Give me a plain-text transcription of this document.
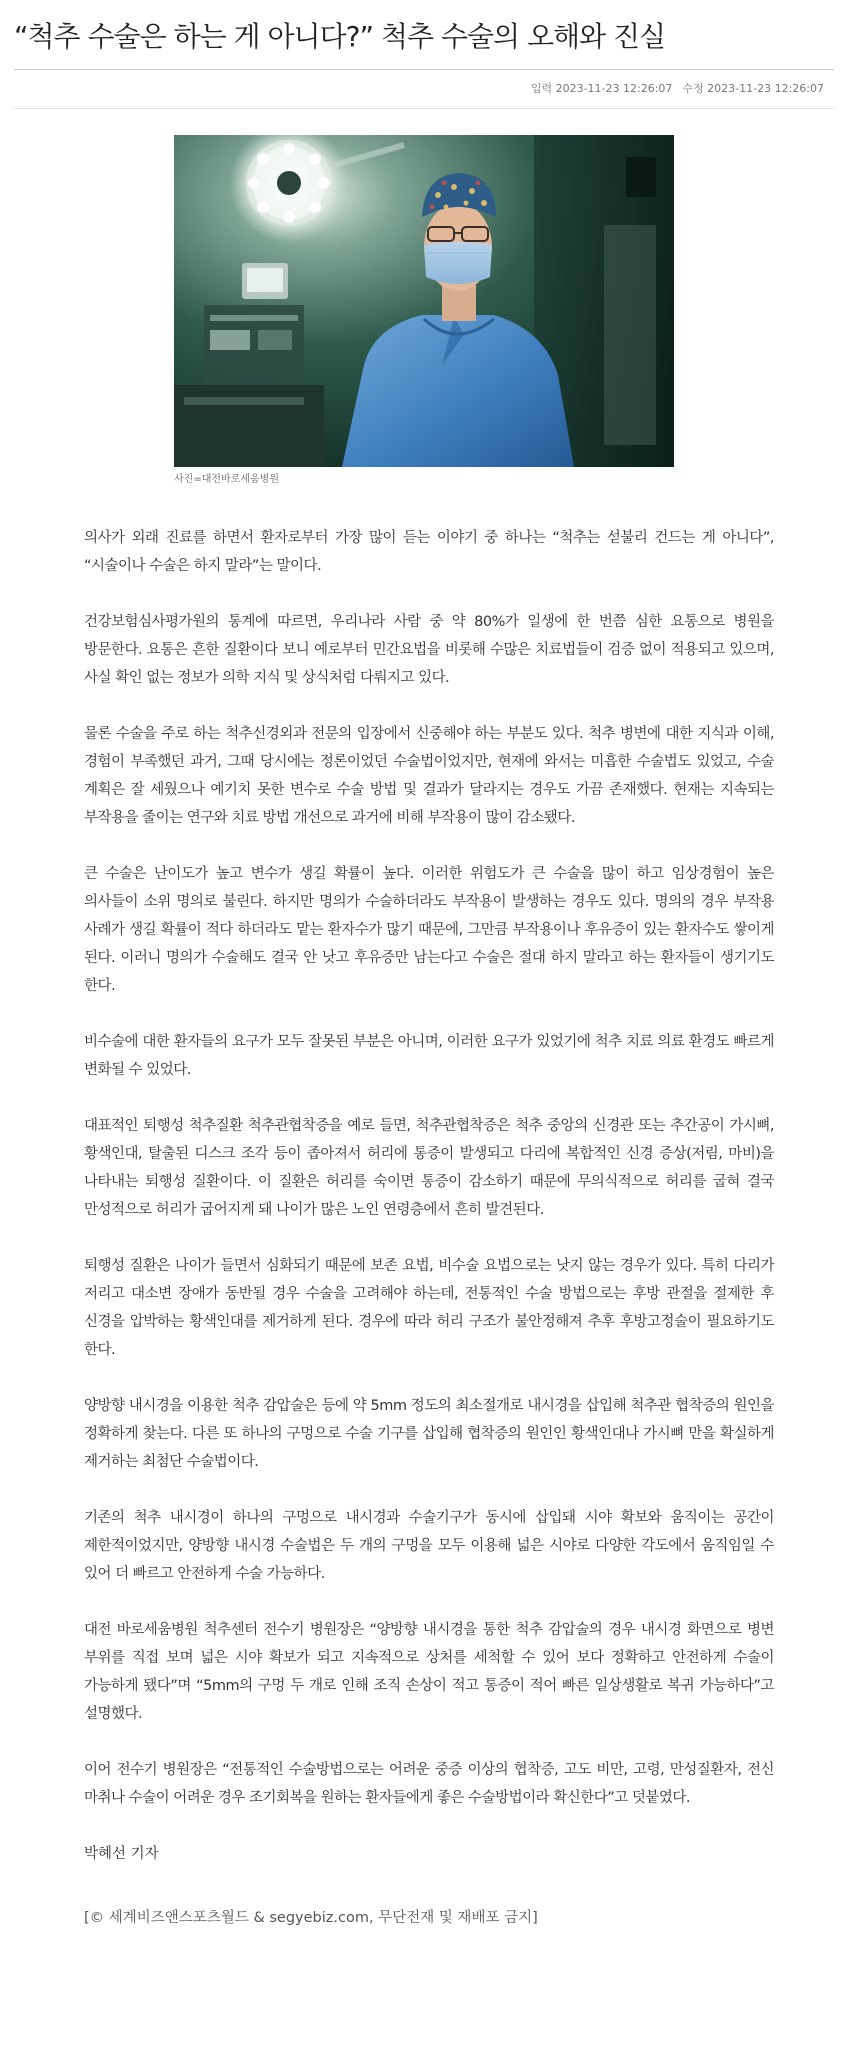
“척추 수술은 하는 게 아니다?” 척추 수술의 오해와 진실
입력 2023-11-23 12:26:07 수정 2023-11-23 12:26:07
사진=대전바로세움병원

의사가 외래 진료를 하면서 환자로부터 가장 많이 듣는 이야기 중 하나는 “척추는 섣불리 건드는 게 아니다”, “시술이나 수술은 하지 말라”는 말이다.

건강보험심사평가원의 통계에 따르면, 우리나라 사람 중 약 80%가 일생에 한 번쯤 심한 요통으로 병원을 방문한다. 요통은 흔한 질환이다 보니 예로부터 민간요법을 비롯해 수많은 치료법들이 검증 없이 적용되고 있으며, 사실 확인 없는 정보가 의학 지식 및 상식처럼 다뤄지고 있다.

물론 수술을 주로 하는 척추신경외과 전문의 입장에서 신중해야 하는 부분도 있다. 척추 병변에 대한 지식과 이해, 경험이 부족했던 과거, 그때 당시에는 정론이었던 수술법이었지만, 현재에 와서는 미흡한 수술법도 있었고, 수술 계획은 잘 세웠으나 예기치 못한 변수로 수술 방법 및 결과가 달라지는 경우도 가끔 존재했다. 현재는 지속되는 부작용을 줄이는 연구와 치료 방법 개선으로 과거에 비해 부작용이 많이 감소됐다.

큰 수술은 난이도가 높고 변수가 생길 확률이 높다. 이러한 위험도가 큰 수술을 많이 하고 임상경험이 높은 의사들이 소위 명의로 불린다. 하지만 명의가 수술하더라도 부작용이 발생하는 경우도 있다. 명의의 경우 부작용 사례가 생길 확률이 적다 하더라도 맡는 환자수가 많기 때문에, 그만큼 부작용이나 후유증이 있는 환자수도 쌓이게 된다. 이러니 명의가 수술해도 결국 안 낫고 후유증만 남는다고 수술은 절대 하지 말라고 하는 환자들이 생기기도 한다.

비수술에 대한 환자들의 요구가 모두 잘못된 부분은 아니며, 이러한 요구가 있었기에 척추 치료 의료 환경도 빠르게 변화될 수 있었다.

대표적인 퇴행성 척추질환 척추관협착증을 예로 들면, 척추관협착증은 척추 중앙의 신경관 또는 추간공이 가시뼈, 황색인대, 탈출된 디스크 조각 등이 좁아져서 허리에 통증이 발생되고 다리에 복합적인 신경 증상(저림, 마비)을 나타내는 퇴행성 질환이다. 이 질환은 허리를 숙이면 통증이 감소하기 때문에 무의식적으로 허리를 굽혀 결국 만성적으로 허리가 굽어지게 돼 나이가 많은 노인 연령층에서 흔히 발견된다.

퇴행성 질환은 나이가 들면서 심화되기 때문에 보존 요법, 비수술 요법으로는 낫지 않는 경우가 있다. 특히 다리가 저리고 대소변 장애가 동반될 경우 수술을 고려해야 하는데, 전통적인 수술 방법으로는 후방 관절을 절제한 후 신경을 압박하는 황색인대를 제거하게 된다. 경우에 따라 허리 구조가 불안정해져 추후 후방고정술이 필요하기도 한다.

양방향 내시경을 이용한 척추 감압술은 등에 약 5mm 정도의 최소절개로 내시경을 삽입해 척추관 협착증의 원인을 정확하게 찾는다. 다른 또 하나의 구멍으로 수술 기구를 삽입해 협착증의 원인인 황색인대나 가시뼈 만을 확실하게 제거하는 최첨단 수술법이다.

기존의 척추 내시경이 하나의 구멍으로 내시경과 수술기구가 동시에 삽입돼 시야 확보와 움직이는 공간이 제한적이었지만, 양방향 내시경 수술법은 두 개의 구멍을 모두 이용해 넓은 시야로 다양한 각도에서 움직임일 수 있어 더 빠르고 안전하게 수술 가능하다.

대전 바로세움병원 척추센터 전수기 병원장은 “양방향 내시경을 통한 척추 감압술의 경우 내시경 화면으로 병변 부위를 직접 보며 넓은 시야 확보가 되고 지속적으로 상처를 세척할 수 있어 보다 정확하고 안전하게 수술이 가능하게 됐다”며 “5mm의 구멍 두 개로 인해 조직 손상이 적고 통증이 적어 빠른 일상생활로 복귀 가능하다”고 설명했다.

이어 전수기 병원장은 “전통적인 수술방법으로는 어려운 중증 이상의 협착증, 고도 비만, 고령, 만성질환자, 전신 마취나 수술이 어려운 경우 조기회복을 원하는 환자들에게 좋은 수술방법이라 확신한다”고 덧붙였다.

박혜선 기자

[© 세계비즈앤스포츠월드 & segyebiz.com, 무단전재 및 재배포 금지]
